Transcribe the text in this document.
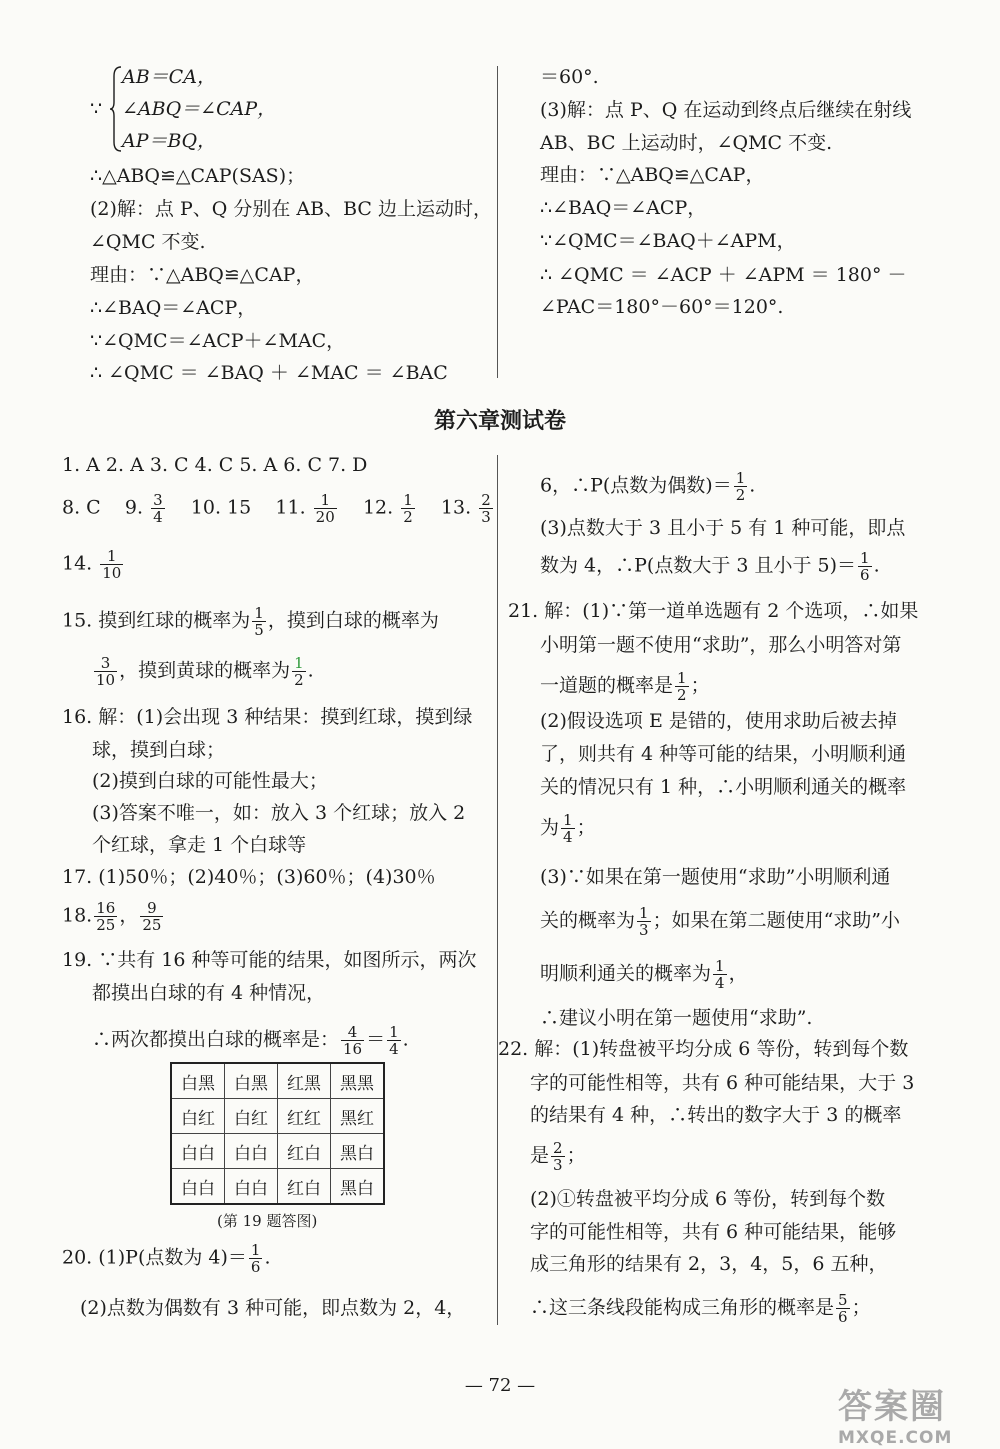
∵
AB＝CA，
∠ABQ＝∠CAP，
AP＝BQ，
∴△ABQ≌△CAP(SAS)；
(2)解：点 P、Q 分别在 AB、BC 边上运动时，
∠QMC 不变.
理由：∵△ABQ≌△CAP，
∴∠BAQ＝∠ACP，
∵∠QMC＝∠ACP＋∠MAC，
∴ ∠QMC ＝ ∠BAQ ＋ ∠MAC ＝ ∠BAC
＝60°.
(3)解：点 P、Q 在运动到终点后继续在射线
AB、BC 上运动时，∠QMC 不变.
理由：∵△ABQ≌△CAP，
∴∠BAQ＝∠ACP，
∵∠QMC＝∠BAQ＋∠APM，
∴ ∠QMC ＝ ∠ACP ＋ ∠APM ＝ 180° －
∠PAC＝180°－60°＝120°.
第六章测试卷
1. A 2. A 3. C 4. C 5. A 6. C 7. D
8. C 9. $\frac{3}{4} 10$. 15 11. $\frac{1}{20} 12$. $\frac{1}{2} 13$. $\frac{2}{3}$
14. $\frac{1}{10}$
15. 摸到红球的概率为 $\frac{1}{5}$ ，摸到白球的概率为
$\frac{3}{10}$ ，摸到黄球的概率为 $\frac{1}{2}$ .
16. 解：(1)会出现 3 种结果：摸到红球，摸到绿
球，摸到白球；
(2)摸到白球的可能性最大；
(3)答案不唯一，如：放入 3 个红球；放入 2
个红球，拿走 1 个白球等
17. (1)50％；(2)40％；(3)60％；(4)30％
18. $\frac{16}{25}$ ， $\frac{9}{25}$
19. ∵共有 16 种等可能的结果，如图所示，两次
都摸出白球的有 4 种情况，
∴两次都摸出白球的概率是： $\frac{4}{16} = \frac{1}{4}$ .
白黑	白黑	红黑	黑黑
白红	白红	红红	黑红
白白	白白	红白	黑白
白白	白白	红白	黑白
(第 19 题答图)
20. (1)P(点数为 $4)= \frac{1}{6}$ .
(2)点数为偶数有 3 种可能，即点数为 2，4，
6，∴P(点数为偶数)＝ $\frac{1}{2}$ .
(3)点数大于 3 且小于 5 有 1 种可能，即点
数为 4，∴P(点数大于 3 且小于 $5)= \frac{1}{6}$ .
21. 解：(1)∵第一道单选题有 2 个选项，∴如果
小明第一题不使用“求助”，那么小明答对第
一道题的概率是 $\frac{1}{2}$ ；
(2)假设选项 E 是错的，使用求助后被去掉
了，则共有 4 种等可能的结果，小明顺利通
关的情况只有 1 种，∴小明顺利通关的概率
为 $\frac{1}{4}$ ；
(3)∵如果在第一题使用“求助”小明顺利通
关的概率为 $\frac{1}{3}$ ；如果在第二题使用“求助”小
明顺利通关的概率为 $\frac{1}{4}$ ，
∴建议小明在第一题使用“求助”.
22. 解：(1)转盘被平均分成 6 等份，转到每个数
字的可能性相等，共有 6 种可能结果，大于 3
的结果有 4 种，∴转出的数字大于 3 的概率
是 $\frac{2}{3}$ ；
(2)①转盘被平均分成 6 等份，转到每个数
字的可能性相等，共有 6 种可能结果，能够
成三角形的结果有 2，3，4，5，6 五种，
∴这三条线段能构成三角形的概率是 $\frac{5}{6}$ ；
— 72 —
答案圈
MXQE.COM
